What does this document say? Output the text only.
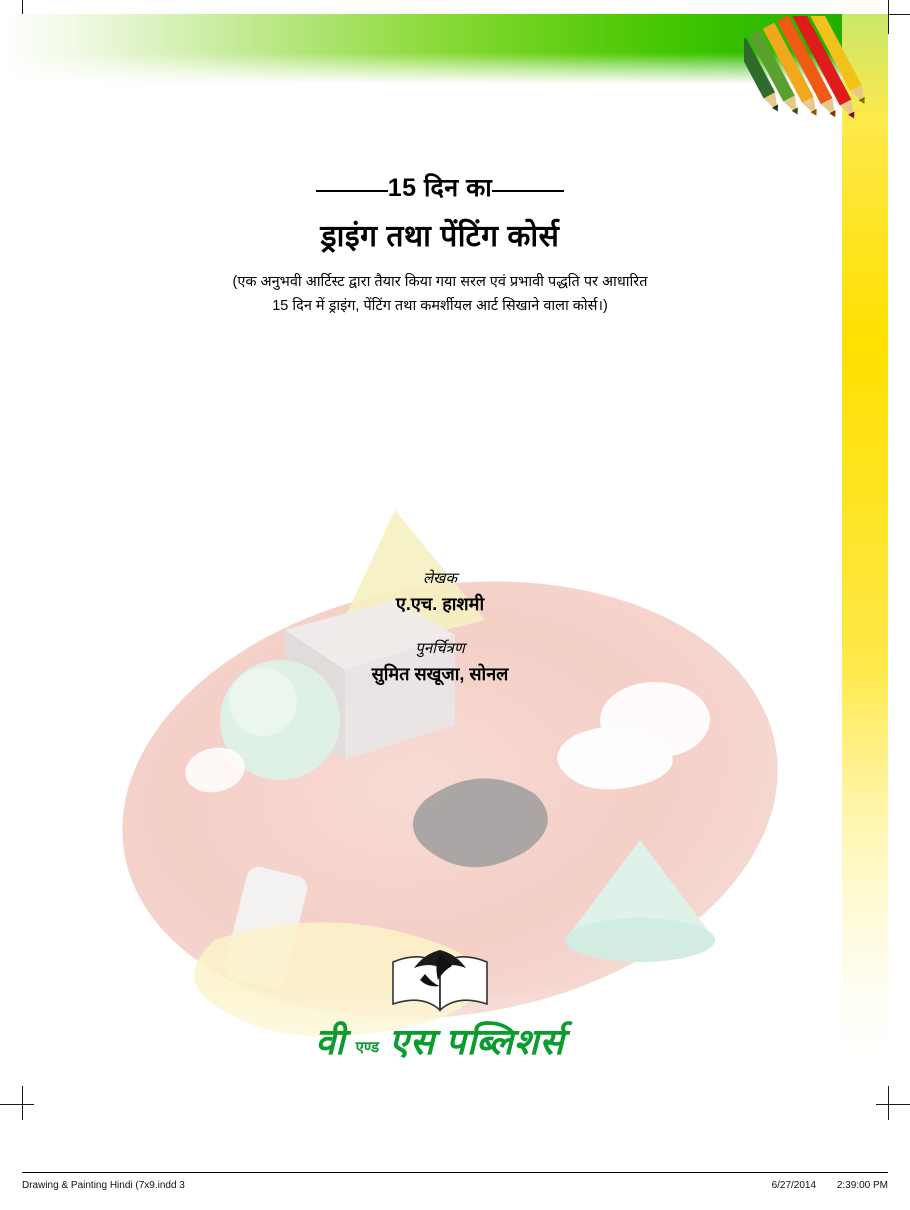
15 दिन का
ड्राइंग तथा पेंटिंग कोर्स
(एक अनुभवी आर्टिस्ट द्वारा तैयार किया गया सरल एवं प्रभावी पद्धति पर आधारित
15 दिन में ड्राइंग, पेंटिंग तथा कमर्शीयल आर्ट सिखाने वाला कोर्स।)
लेखक
ए.एच. हाशमी
पुनर्चित्रण
सुमित सखूजा, सोनल
वी एण्ड एस पब्लिशर्स
Drawing & Painting Hindi (7x9.indd 3	6/27/2014 2:39:00 PM
